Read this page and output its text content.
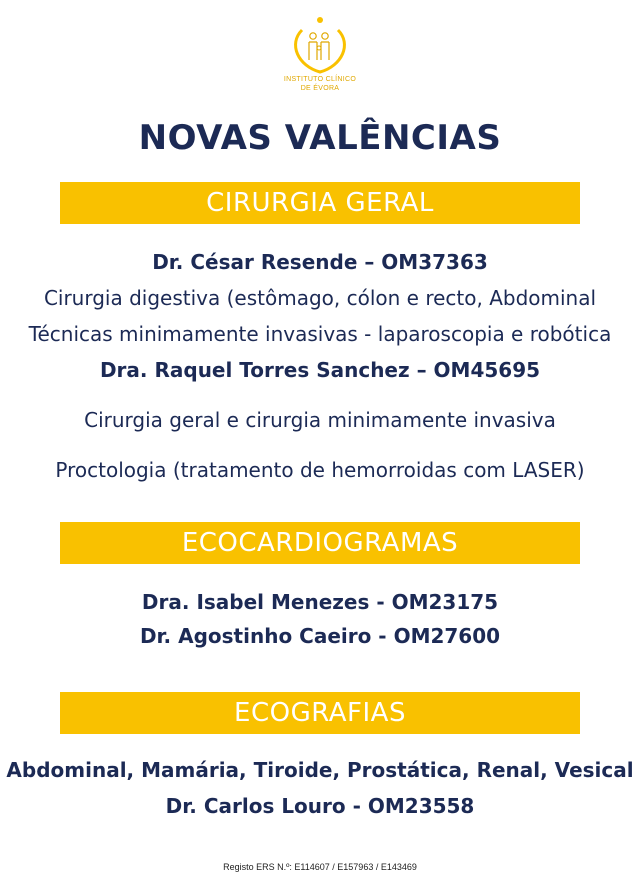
INSTITUTO CLÍNICO
DE ÉVORA
NOVAS VALÊNCIAS
CIRURGIA GERAL
Dr. César Resende – OM37363
Cirurgia digestiva (estômago, cólon e recto, Abdominal
Técnicas minimamente invasivas - laparoscopia e robótica
Dra. Raquel Torres Sanchez – OM45695
Cirurgia geral e cirurgia minimamente invasiva
Proctologia (tratamento de hemorroidas com LASER)
ECOCARDIOGRAMAS
Dra. Isabel Menezes - OM23175
Dr. Agostinho Caeiro - OM27600
ECOGRAFIAS
Abdominal, Mamária, Tiroide, Prostática, Renal, Vesical
Dr. Carlos Louro - OM23558
Registo ERS N.º: E114607 / E157963 / E143469
